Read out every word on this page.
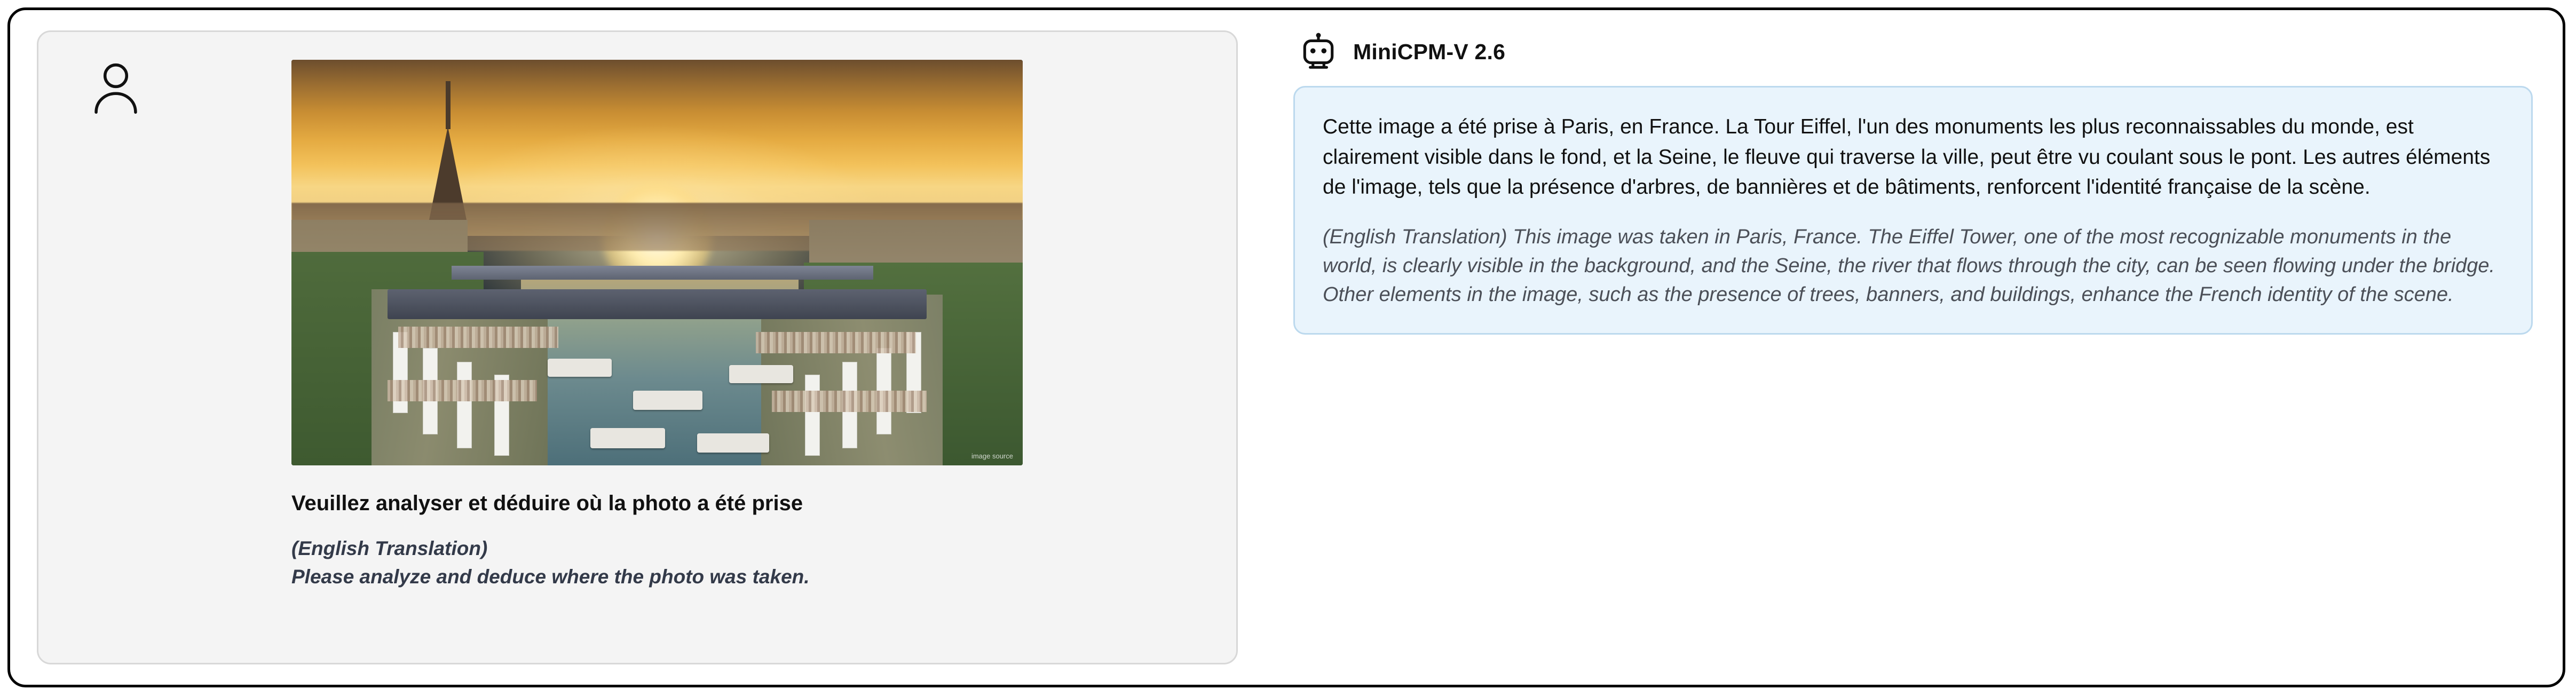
image source
Veuillez analyser et déduire où la photo a été prise
(English Translation)
Please analyze and deduce where the photo was taken.
MiniCPM-V 2.6
Cette image a été prise à Paris, en France. La Tour Eiffel, l'un des monuments les plus reconnaissables du monde, est clairement visible dans le fond, et la Seine, le fleuve qui traverse la ville, peut être vu coulant sous le pont. Les autres éléments de l'image, tels que la présence d'arbres, de bannières et de bâtiments, renforcent l'identité française de la scène.
(English Translation) This image was taken in Paris, France. The Eiffel Tower, one of the most recognizable monuments in the world, is clearly visible in the background, and the Seine, the river that flows through the city, can be seen flowing under the bridge. Other elements in the image, such as the presence of trees, banners, and buildings, enhance the French identity of the scene.
